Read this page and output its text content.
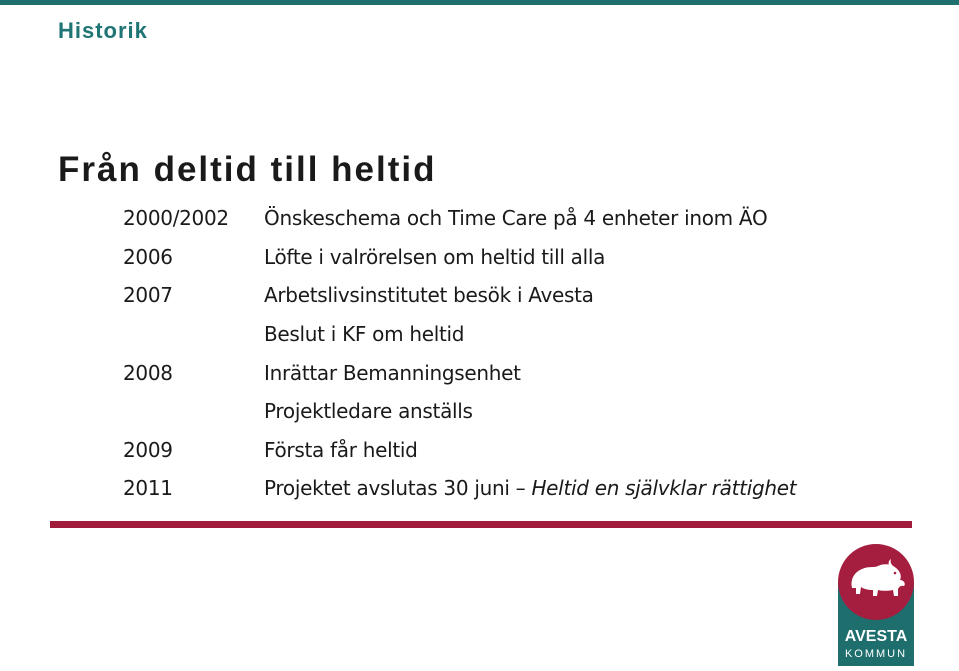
Historik
Från deltid till heltid
2000/2002	Önskeschema och Time Care på 4 enheter inom ÄO
2006	Löfte i valrörelsen om heltid till alla
2007	Arbetslivsinstitutet besök i Avesta
Beslut i KF om heltid
2008	Inrättar Bemanningsenhet
Projektledare anställs
2009	Första får heltid
2011	Projektet avslutas 30 juni – Heltid en självklar rättighet
AVESTA
KOMMUN
